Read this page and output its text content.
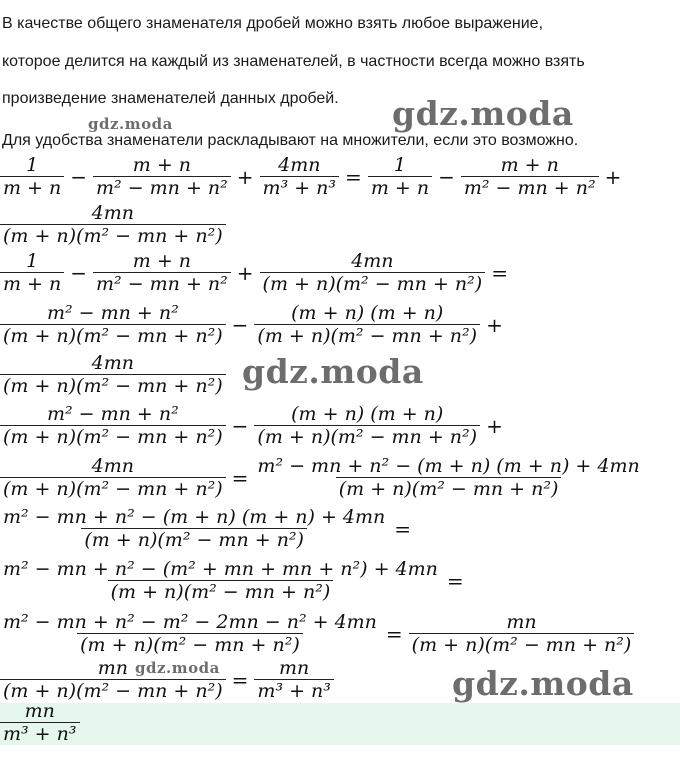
В качестве общего знаменателя дробей можно взять любое выражение,
которое делится на каждый из знаменателей, в частности всегда можно взять
произведение знаменателей данных дробей.
Для удобства знаменатели раскладывают на множители, если это возможно.
gdz.moda
gdz.moda
gdz.moda
gdz.moda	gdz.moda
$\frac{1}{m + n} - \frac{m + n}{\text{m² − mn + n²}} + \frac{4mn}{\text{m³ + n³}} = \frac{1}{m + n} - \frac{m + n}{\text{m² − mn + n²}}$ +
$\frac{4mn}{\text{(m + n)(m² − mn + n²)}}$
$\frac{1}{m + n} - \frac{m + n}{\text{m² − mn + n²}} + \frac{4mn}{\text{(m + n)(m² − mn + n²)}}$ =
$\frac{\text{m² − mn + n²}}{\text{(m + n)(m² − mn + n²)}} - \frac{(m + n) (m + n)}{\text{(m + n)(m² − mn + n²)}}$ +
$\frac{4mn}{\text{(m + n)(m² − mn + n²)}}$
$\frac{\text{m² − mn + n²}}{\text{(m + n)(m² − mn + n²)}} - \frac{(m + n) (m + n)}{\text{(m + n)(m² − mn + n²)}}$ +
$\frac{4mn}{\text{(m + n)(m² − mn + n²)}} = \frac{\text{m² − mn + n² − (m + n) (m + n) + 4mn}}{\text{(m + n)(m² − mn + n²)}}$
$\frac{\text{m² − mn + n² − (m + n) (m + n) + 4mn}}{\text{(m + n)(m² − mn + n²)}}$ =
$\frac{\text{m² − mn + n² − (m² + mn + mn + n²) + 4mn}}{\text{(m + n)(m² − mn + n²)}}$ =
$\frac{\text{m² − mn + n² − m² − 2mn − n² + 4mn}}{\text{(m + n)(m² − mn + n²)}} = \frac{mn}{\text{(m + n)(m² − mn + n²)}}$
$\frac{mn}{\text{(m + n)(m² − mn + n²)}} = \frac{mn}{\text{m³ + n³}}$
$\frac{mn}{\text{m³ + n³}}$
